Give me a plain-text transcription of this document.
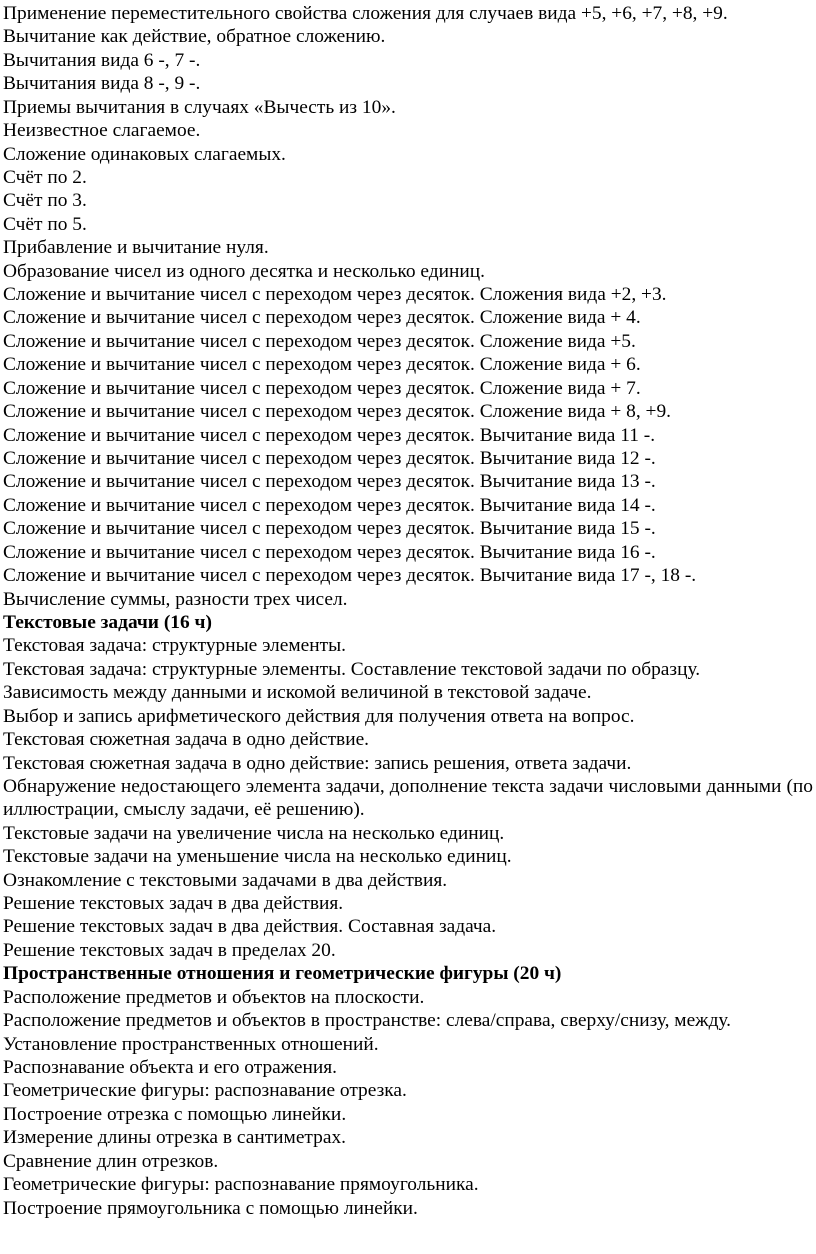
Применение переместительного свойства сложения для случаев вида +5, +6, +7, +8, +9.

Вычитание как действие, обратное сложению.

Вычитания вида 6 -, 7 -.

Вычитания вида 8 -, 9 -.

Приемы вычитания в случаях «Вычесть из 10».

Неизвестное слагаемое.

Сложение одинаковых слагаемых.

Счёт по 2.

Счёт по 3.

Счёт по 5.

Прибавление и вычитание нуля.

Образование чисел из одного десятка и несколько единиц.

Сложение и вычитание чисел с переходом через десяток. Сложения вида +2, +3.

Сложение и вычитание чисел с переходом через десяток. Сложение вида + 4.

Сложение и вычитание чисел с переходом через десяток. Сложение вида +5.

Сложение и вычитание чисел с переходом через десяток. Сложение вида + 6.

Сложение и вычитание чисел с переходом через десяток. Сложение вида + 7.

Сложение и вычитание чисел с переходом через десяток. Сложение вида + 8, +9.

Сложение и вычитание чисел с переходом через десяток. Вычитание вида 11 -.

Сложение и вычитание чисел с переходом через десяток. Вычитание вида 12 -.

Сложение и вычитание чисел с переходом через десяток. Вычитание вида 13 -.

Сложение и вычитание чисел с переходом через десяток. Вычитание вида 14 -.

Сложение и вычитание чисел с переходом через десяток. Вычитание вида 15 -.

Сложение и вычитание чисел с переходом через десяток. Вычитание вида 16 -.

Сложение и вычитание чисел с переходом через десяток. Вычитание вида 17 -, 18 -.

Вычисление суммы, разности трех чисел.

Текстовые задачи (16 ч)

Текстовая задача: структурные элементы.

Текстовая задача: структурные элементы. Составление текстовой задачи по образцу.

Зависимость между данными и искомой величиной в текстовой задаче.

Выбор и запись арифметического действия для получения ответа на вопрос.

Текстовая сюжетная задача в одно действие.

Текстовая сюжетная задача в одно действие: запись решения, ответа задачи.

Обнаружение недостающего элемента задачи, дополнение текста задачи числовыми данными (по иллюстрации, смыслу задачи, её решению).

Текстовые задачи на увеличение числа на несколько единиц.

Текстовые задачи на уменьшение числа на несколько единиц.

Ознакомление с текстовыми задачами в два действия.

Решение текстовых задач в два действия.

Решение текстовых задач в два действия. Составная задача.

Решение текстовых задач в пределах 20.

Пространственные отношения и геометрические фигуры (20 ч)

Расположение предметов и объектов на плоскости.

Расположение предметов и объектов в пространстве: слева/справа, сверху/снизу, между.

Установление пространственных отношений.

Распознавание объекта и его отражения.

Геометрические фигуры: распознавание отрезка.

Построение отрезка с помощью линейки.

Измерение длины отрезка в сантиметрах.

Сравнение длин отрезков.

Геометрические фигуры: распознавание прямоугольника.

Построение прямоугольника с помощью линейки.
